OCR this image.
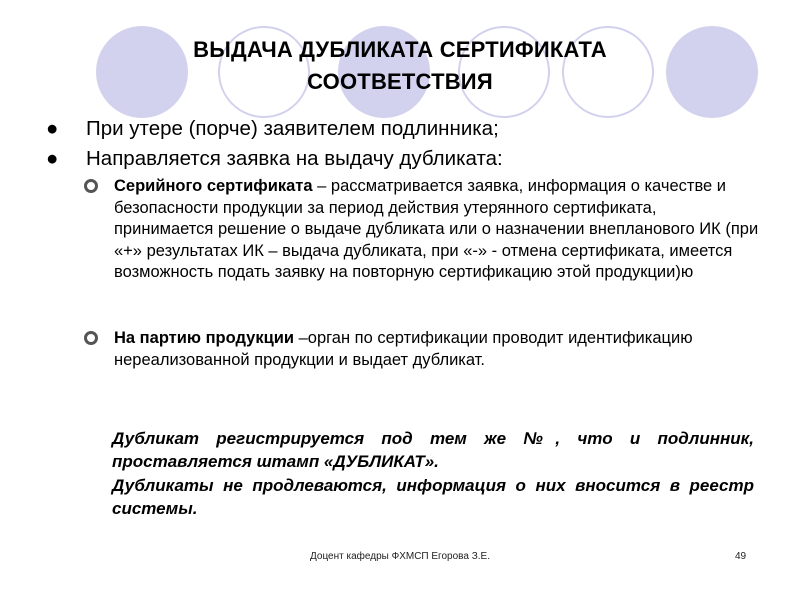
ВЫДАЧА ДУБЛИКАТА СЕРТИФИКАТА
СООТВЕТСТВИЯ
● При утере (порче) заявителем подлинника;
● Направляется заявка на выдачу дубликата:
Серийного сертификата – рассматривается заявка, информация о качестве и безопасности продукции за период действия утерянного сертификата, принимается решение о выдаче дубликата или о назначении внепланового ИК (при «+» результатах ИК – выдача дубликата, при «-» - отмена сертификата, имеется возможность подать заявку на повторную сертификацию этой продукции)ю
На партию продукции –орган по сертификации проводит идентификацию нереализованной продукции и выдает дубликат.
Дубликат регистрируется под тем же №, что и подлинник, проставляется штамп «ДУБЛИКАТ».
Дубликаты не продлеваются, информация о них вносится в реестр системы.
Доцент кафедры ФХМСП Егорова З.Е.	49
